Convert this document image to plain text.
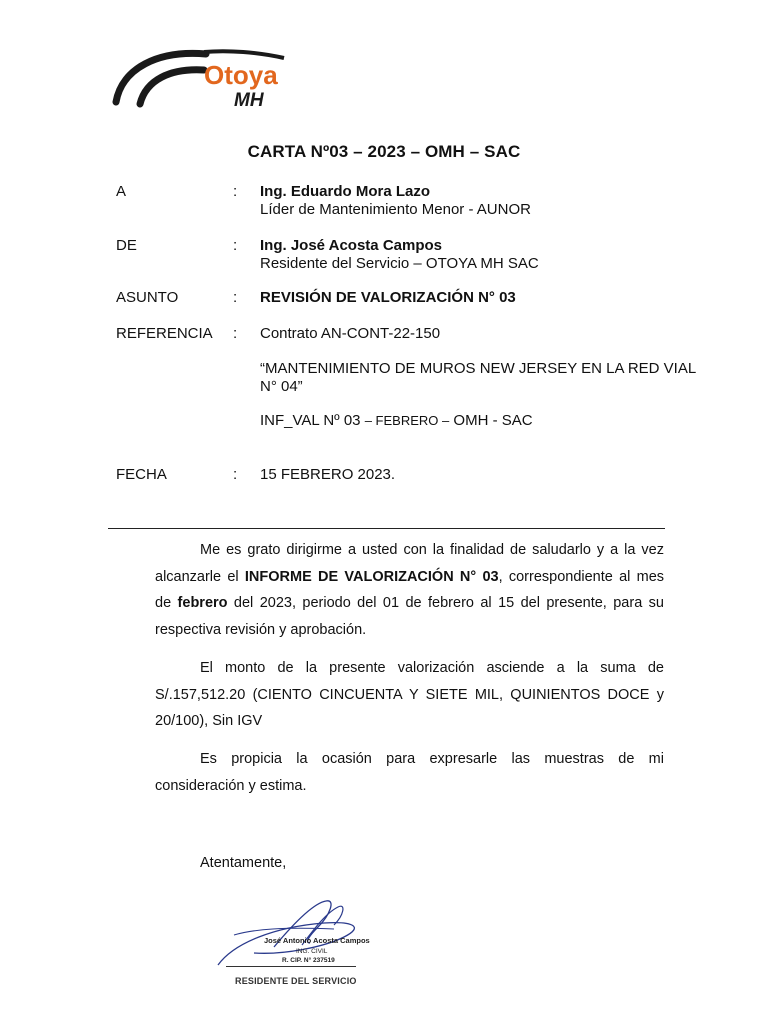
Otoya
MH
CARTA Nº03 – 2023 – OMH – SAC
A	: Ing. Eduardo Mora Lazo
Líder de Mantenimiento Menor - AUNOR
DE	: Ing. José Acosta Campos
Residente del Servicio – OTOYA MH SAC
ASUNTO	: REVISIÓN DE VALORIZACIÓN N° 03
REFERENCIA	: Contrato AN-CONT-22-150
“MANTENIMIENTO DE MUROS NEW JERSEY EN LA RED VIAL
N° 04”
INF_VAL Nº 03 – FEBRERO – OMH - SAC
FECHA	: 15 FEBRERO 2023.

Me es grato dirigirme a usted con la finalidad de saludarlo y a la vez alcanzarle el INFORME DE VALORIZACIÓN N° 03, correspondiente al mes de febrero del 2023, periodo del 01 de febrero al 15 del presente, para su respectiva revisión y aprobación.

El monto de la presente valorización asciende a la suma de S/.157,512.20 (CIENTO CINCUENTA Y SIETE MIL, QUINIENTOS DOCE y 20/100), Sin IGV

Es propicia la ocasión para expresarle las muestras de mi consideración y estima.

Atentamente,

José Antonio Acosta Campos
ING. CIVIL
R. CIP. N° 237519
RESIDENTE DEL SERVICIO
